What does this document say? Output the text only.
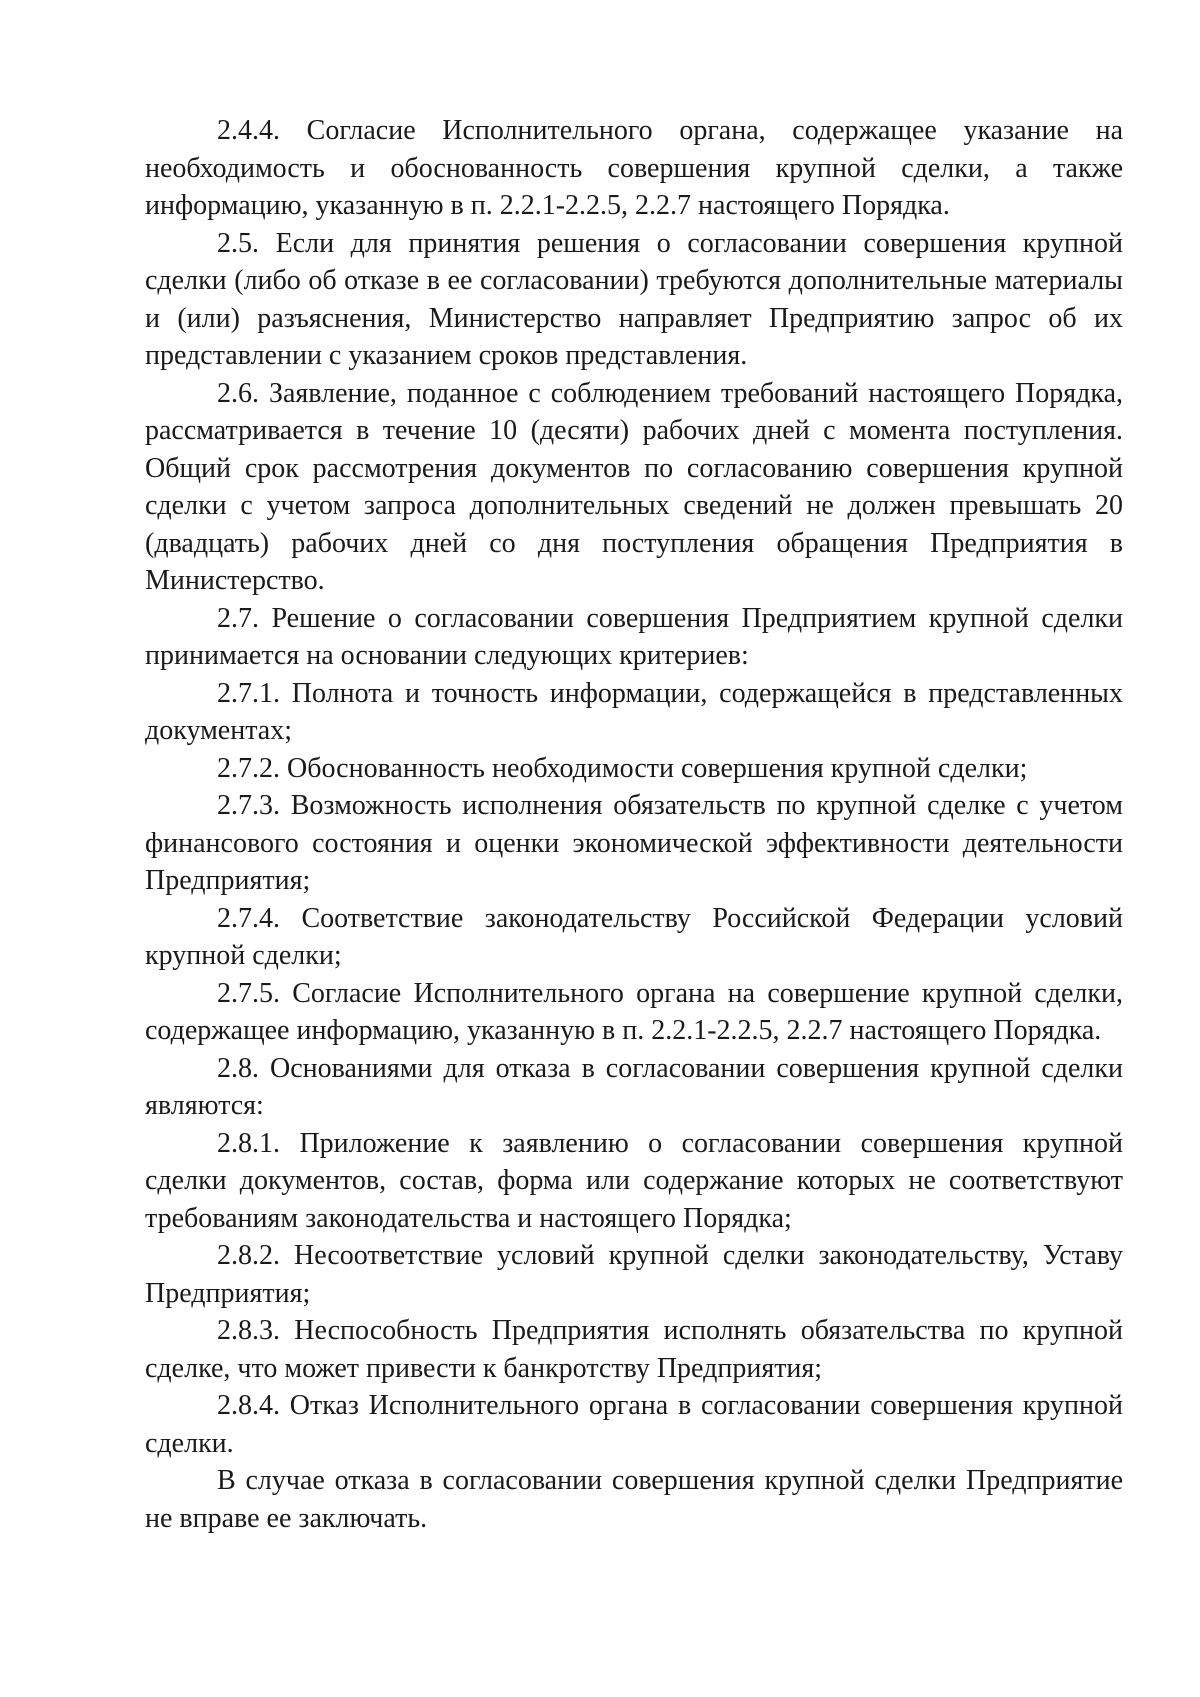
2.4.4. Согласие Исполнительного органа, содержащее указание на необходимость и обоснованность совершения крупной сделки, а также информацию, указанную в п. 2.2.1-2.2.5, 2.2.7 настоящего Порядка.

2.5. Если для принятия решения о согласовании совершения крупной сделки (либо об отказе в ее согласовании) требуются дополнительные материалы и (или) разъяснения, Министерство направляет Предприятию запрос об их представлении с указанием сроков представления.

2.6. Заявление, поданное с соблюдением требований настоящего Порядка, рассматривается в течение 10 (десяти) рабочих дней с момента поступления. Общий срок рассмотрения документов по согласованию совершения крупной сделки с учетом запроса дополнительных сведений не должен превышать 20 (двадцать) рабочих дней со дня поступления обращения Предприятия в Министерство.

2.7. Решение о согласовании совершения Предприятием крупной сделки принимается на основании следующих критериев:

2.7.1. Полнота и точность информации, содержащейся в представленных документах;

2.7.2. Обоснованность необходимости совершения крупной сделки;

2.7.3. Возможность исполнения обязательств по крупной сделке с учетом финансового состояния и оценки экономической эффективности деятельности Предприятия;

2.7.4. Соответствие законодательству Российской Федерации условий крупной сделки;

2.7.5. Согласие Исполнительного органа на совершение крупной сделки, содержащее информацию, указанную в п. 2.2.1-2.2.5, 2.2.7 настоящего Порядка.

2.8. Основаниями для отказа в согласовании совершения крупной сделки являются:

2.8.1. Приложение к заявлению о согласовании совершения крупной сделки документов, состав, форма или содержание которых не соответствуют требованиям законодательства и настоящего Порядка;

2.8.2. Несоответствие условий крупной сделки законодательству, Уставу Предприятия;

2.8.3. Неспособность Предприятия исполнять обязательства по крупной сделке, что может привести к банкротству Предприятия;

2.8.4. Отказ Исполнительного органа в согласовании совершения крупной сделки.

В случае отказа в согласовании совершения крупной сделки Предприятие не вправе ее заключать.
